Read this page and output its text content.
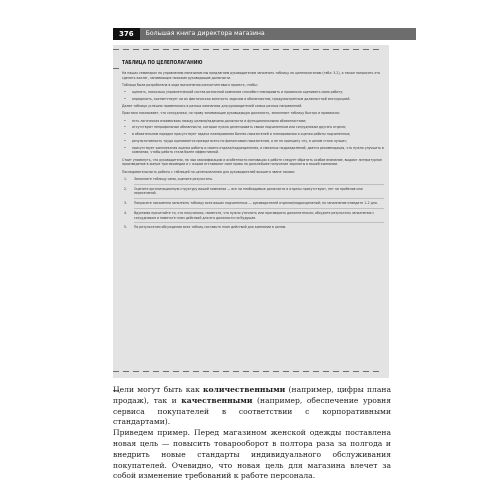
376	Большая книга директора магазина
ТАБЛИЦА ПО ЦЕЛЕПОЛАГАНИЮ

На наших семинарах по управлению магазином мы предлагаем руководителям заполнить таблицу по целеполаганию (табл. 5.2), а также попросить это сделать коллег, занимающих похожие руководящие должности.

Таблица была разработана в ходе выполнения консалтингового проекта, чтобы:

• оценить, насколько управленческий состав розничной компании способен планировать и правильно оценивать свою работу;
• определить, соответствует ли их фактическая занятость задачам и обязанностям, предусмотренным должностной инструкцией.

Далее таблица успешно применялась в разных компаниях для руководителей самых разных направлений.

Практика показывает, что сотрудники, по праву занимающие руководящую должность, заполняют таблицу быстро и правильно:

• есть логическая взаимосвязь между целями/задачами должности и функциональными обязанностями;
• отсутствуют непрофильные обязанности, которые нужно делегировать своим подчиненным или сотрудникам другого отдела;
• в обязательном порядке присутствует задача планирования бизнес-показателей и планирования и оценки работы подчиненных;
• результативность труда оценивается прежде всего по финансовым показателям, а не по принципу «ну, в целом стало лучше»;
• присутствует комплексная оценка работы и своего отдела/подразделения, и смежных подразделений; дается рекомендация, что нужно улучшить в компании, чтобы работа стала более эффективной.

Стоит упомянуть, что руководители, на чью квалификацию и особенности мотивации к работе следует обратить особое внимание, выдают литературное произведение в жанре трагикомедии и с жаром отстаивают свое право на дальнейшее получение зарплаты в вашей компании.

Последовательность работы с таблицей по целеполаганию для руководителей высшего звена такова:

1. Заполните таблицу сами, оцените результаты.
2. Оцените организационную структуру вашей компании — все ли необходимые должности и отделы присутствуют, нет ли пробелов или пересечений.
3. Попросите письменно заполнить таблицу всех ваших подчиненных — руководителей отделов/подразделений; на заполнение отведите 1–2 дня.
4. Вдумчиво прочитайте то, что получилось; пометьте, что нужно уточнить или проговорить дополнительно; обсудите результаты заполнения с сотрудником и наметьте план действий для его должности на будущее.
5. По результатам обсуждения всех таблиц составьте план действий для компании в целом.

Цели могут быть как количественными (например, цифры плана продаж), так и качественными (например, обеспечение уровня сервиса покупателей в соответствии с корпоративными стандартами).

Приведем пример. Перед магазином женской одежды поставлена новая цель — повысить товарооборот в полтора раза за полгода и внедрить новые стандарты индивидуального обслуживания покупателей. Очевидно, что новая цель для магазина влечет за собой изменение требований к работе персонала.
